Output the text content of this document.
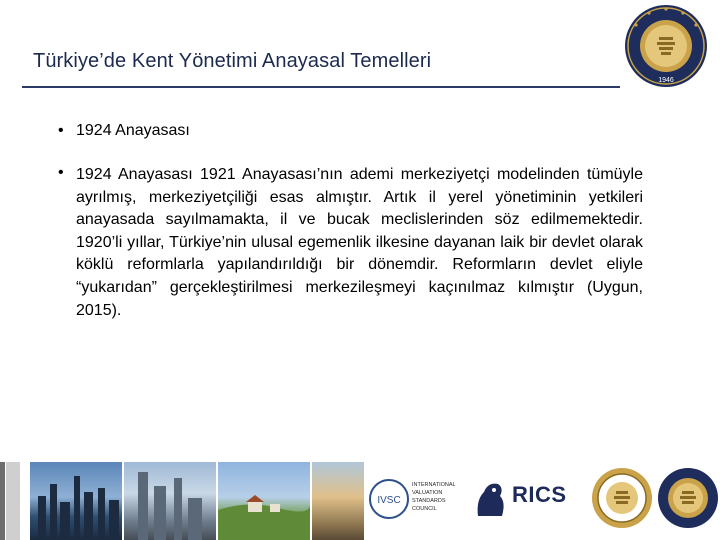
Türkiye’de Kent Yönetimi Anayasal Temelleri
1946
• 1924 Anayasası
• 1924 Anayasası 1921 Anayasası’nın ademi merkeziyetçi modelinden tümüyle ayrılmış, merkeziyetçiliği esas almıştır. Artık il yerel yönetiminin yetkileri anayasada sayılmamakta, il ve bucak meclislerinden söz edilmemektedir. 1920’li yıllar, Türkiye’nin ulusal egemenlik ilkesine dayanan laik bir devlet olarak köklü reformlarla yapılandırıldığı bir dönemdir. Reformların devlet eliyle “yukarıdan” gerçekleştirilmesi merkezileşmeyi kaçınılmaz kılmıştır (Uygun, 2015).

IVSC
INTERNATIONAL
VALUATION
STANDARDS
COUNCIL
RICS
